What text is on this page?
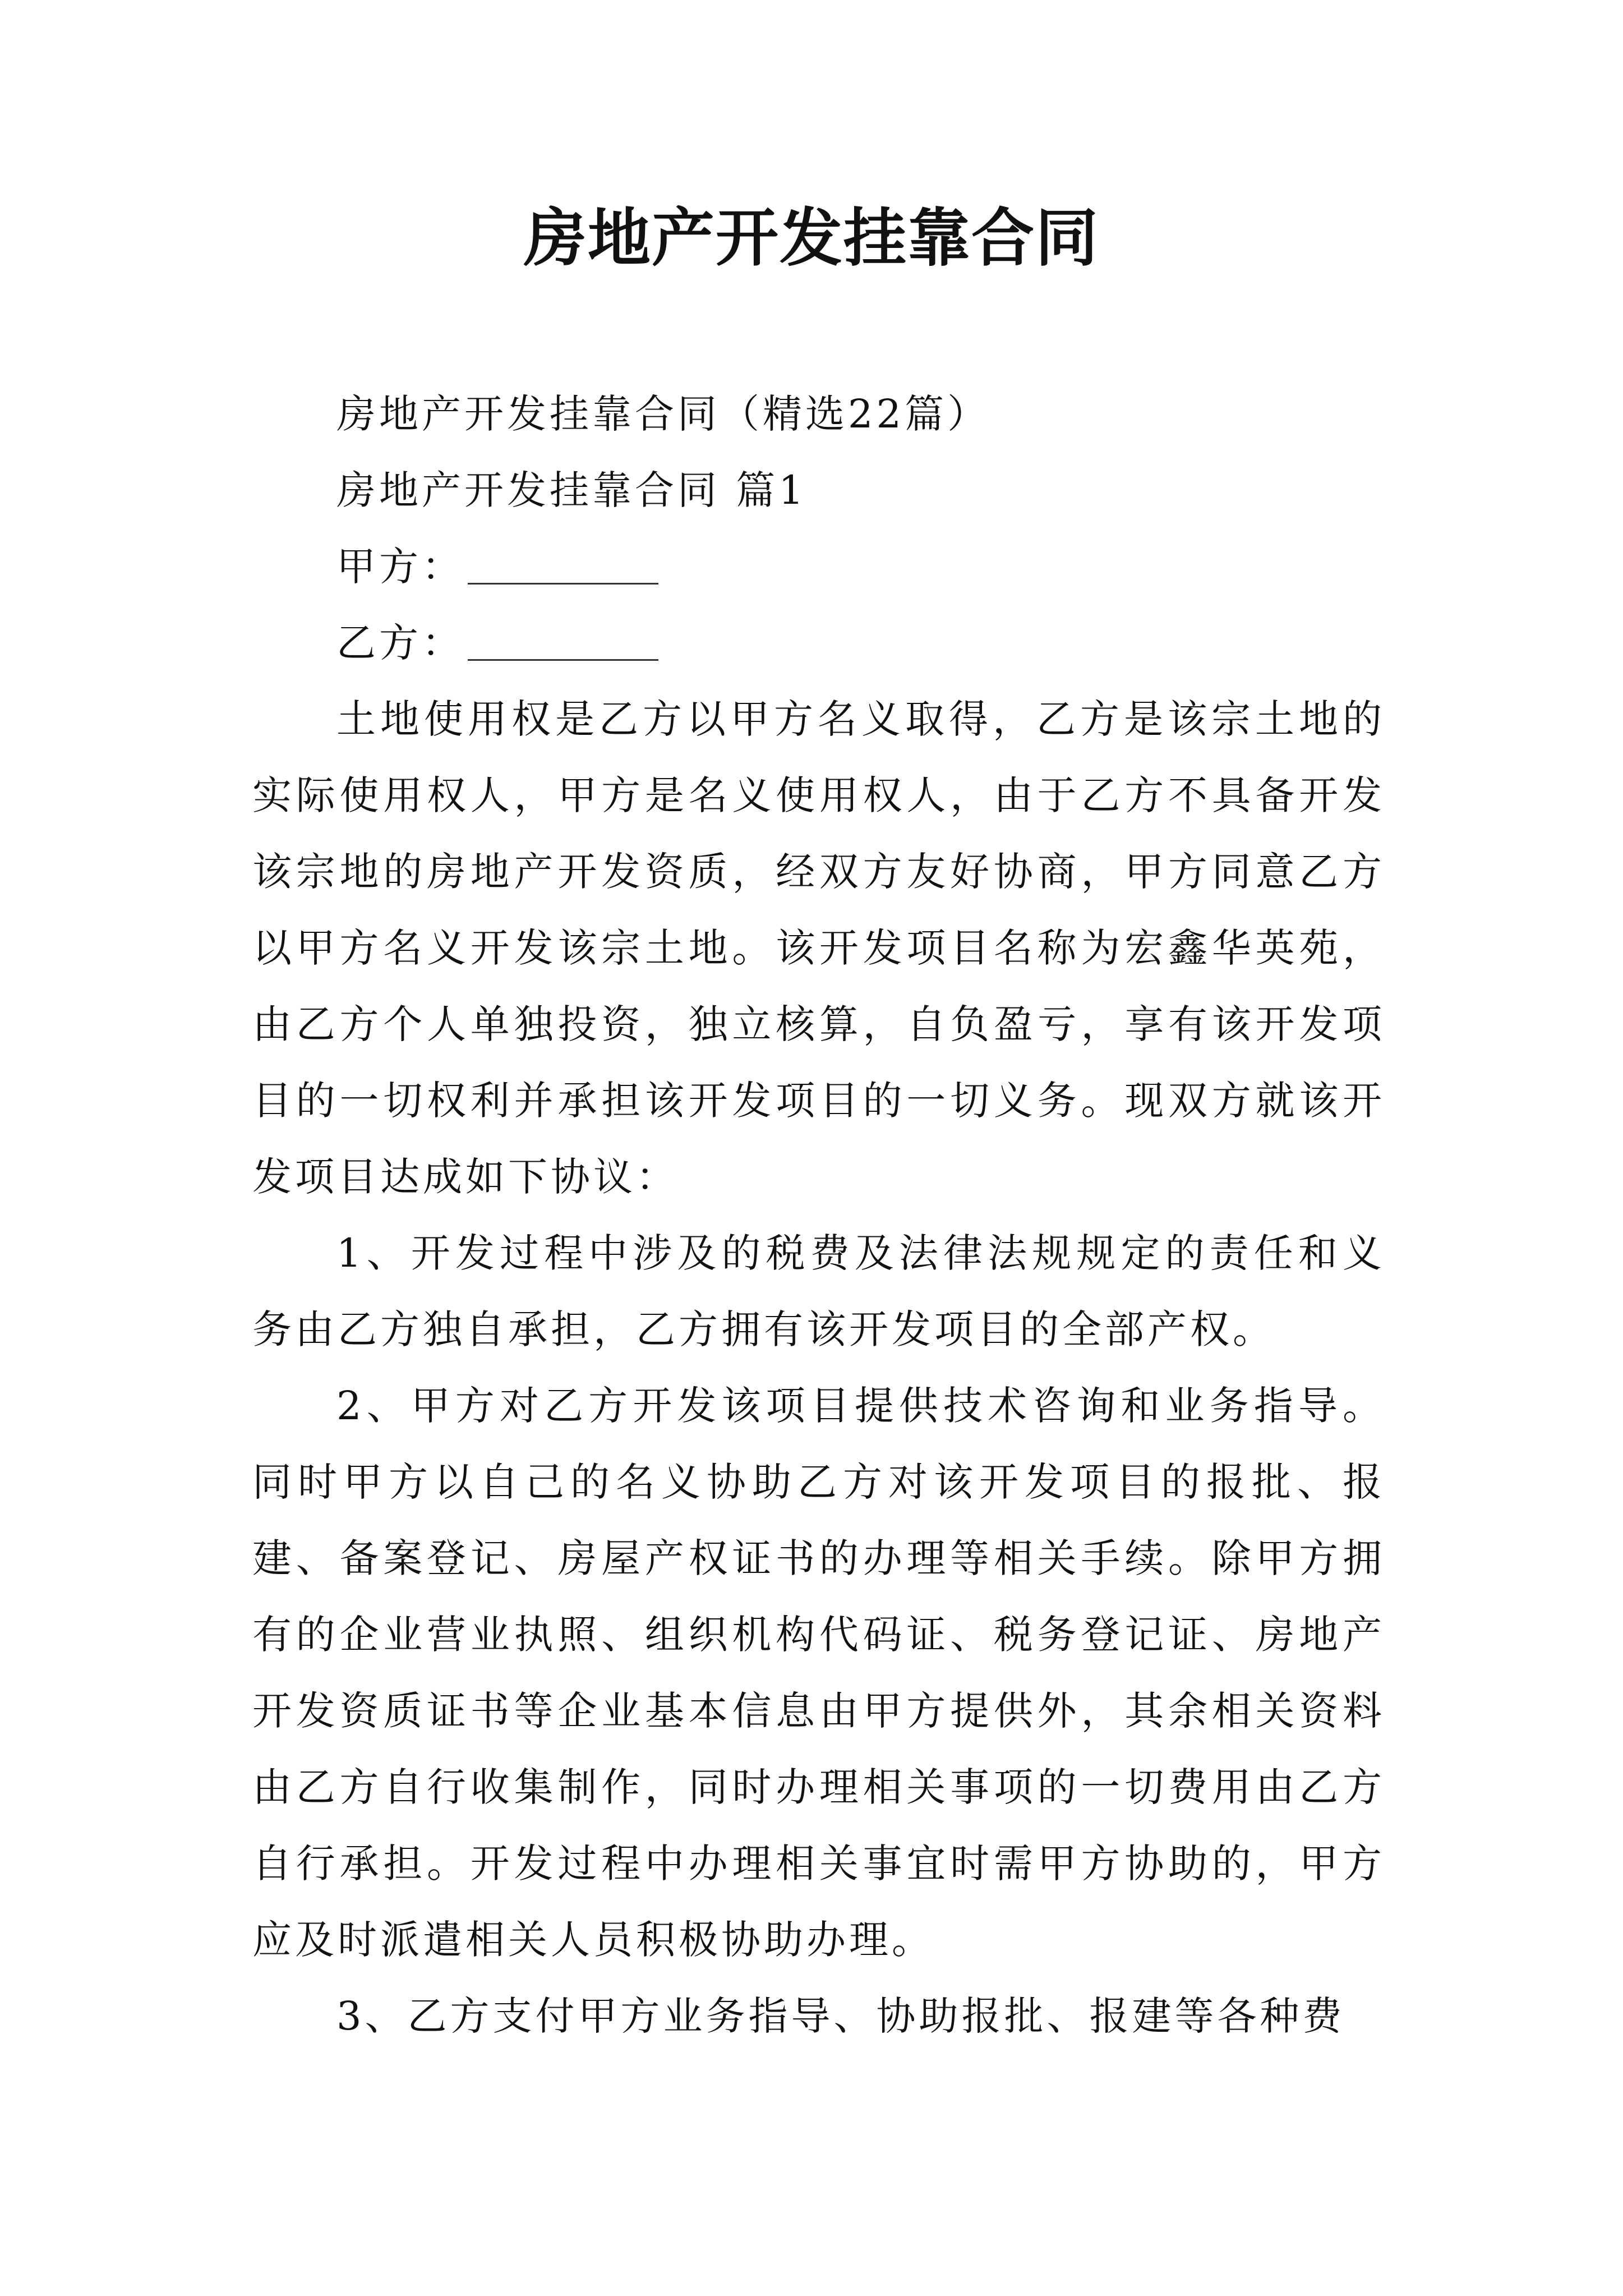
房地产开发挂靠合同

房地产开发挂靠合同（精选22篇）

房地产开发挂靠合同 篇1

甲方：

乙方：

土地使用权是乙方以甲方名义取得，乙方是该宗土地的实际使用权人，甲方是名义使用权人，由于乙方不具备开发该宗地的房地产开发资质，经双方友好协商，甲方同意乙方以甲方名义开发该宗土地。该开发项目名称为宏鑫华英苑，由乙方个人单独投资，独立核算，自负盈亏，享有该开发项目的一切权利并承担该开发项目的一切义务。现双方就该开发项目达成如下协议：

1、开发过程中涉及的税费及法律法规规定的责任和义务由乙方独自承担，乙方拥有该开发项目的全部产权。

2、甲方对乙方开发该项目提供技术咨询和业务指导。同时甲方以自己的名义协助乙方对该开发项目的报批、报建、备案登记、房屋产权证书的办理等相关手续。除甲方拥有的企业营业执照、组织机构代码证、税务登记证、房地产开发资质证书等企业基本信息由甲方提供外，其余相关资料由乙方自行收集制作，同时办理相关事项的一切费用由乙方自行承担。开发过程中办理相关事宜时需甲方协助的，甲方应及时派遣相关人员积极协助办理。

3、乙方支付甲方业务指导、协助报批、报建等各种费
